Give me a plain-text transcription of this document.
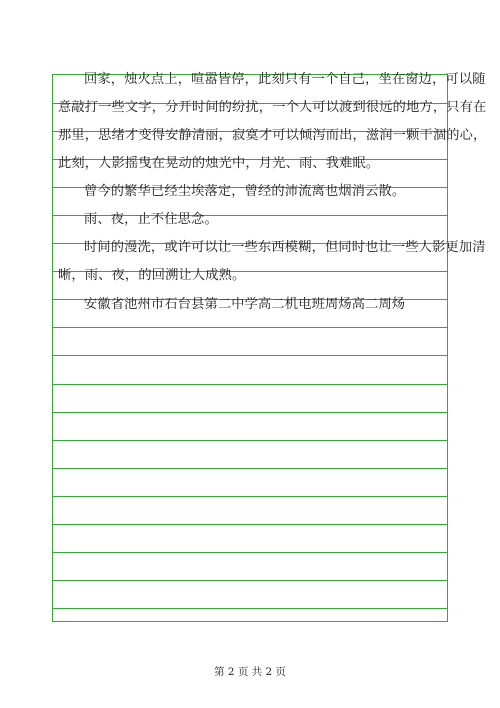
回家，烛火点上，喧嚣皆停，此刻只有一个自己，坐在窗边，可以随
意敲打一些文字，分开时间的纷扰，一个人可以渡到很远的地方，只有在
那里，思绪才变得安静清丽，寂寞才可以倾泻而出，滋润一颗干涸的心，
此刻，人影摇曳在晃动的烛光中，月光、雨、我难眠。
曾今的繁华已经尘埃落定，曾经的沛流离也烟消云散。
雨、夜，止不住思念。
时间的漫洗，或许可以让一些东西模糊，但同时也让一些人影更加清
晰，雨、夜，的回溯让人成熟。
安徽省池州市石台县第二中学高二机电班周炀高二周炀
第 2 页 共 2 页
